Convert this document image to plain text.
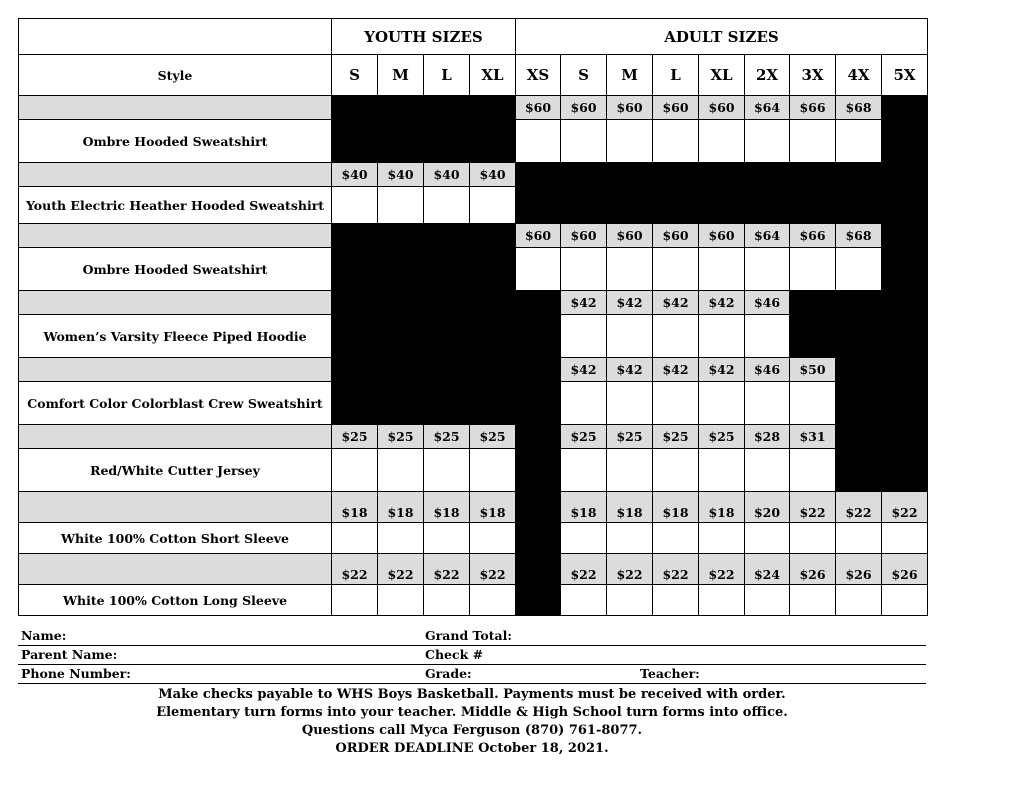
	YOUTH SIZES				ADULT SIZES								
Style	S	M	L	XL	XS	S	M	L	XL	2X	3X	4X	5X
					$60	$60	$60	$60	$60	$64	$66	$68	
Ombre Hooded Sweatshirt													
	$40	$40	$40	$40									
Youth Electric Heather Hooded Sweatshirt													
					$60	$60	$60	$60	$60	$64	$66	$68	
Ombre Hooded Sweatshirt													
						$42	$42	$42	$42	$46			
Women’s Varsity Fleece Piped Hoodie													
						$42	$42	$42	$42	$46	$50		
Comfort Color Colorblast Crew Sweatshirt													
	$25	$25	$25	$25		$25	$25	$25	$25	$28	$31		
Red/White Cutter Jersey													
	$18	$18	$18	$18		$18	$18	$18	$18	$20	$22	$22	$22
White 100% Cotton Short Sleeve													
	$22	$22	$22	$22		$22	$22	$22	$22	$24	$26	$26	$26
White 100% Cotton Long Sleeve													
Name:	Grand Total:
Parent Name:	Check #
Phone Number:	Grade:	Teacher:
Make checks payable to WHS Boys Basketball. Payments must be received with order.
Elementary turn forms into your teacher. Middle & High School turn forms into office.
Questions call Myca Ferguson (870) 761-8077.
ORDER DEADLINE October 18, 2021.
